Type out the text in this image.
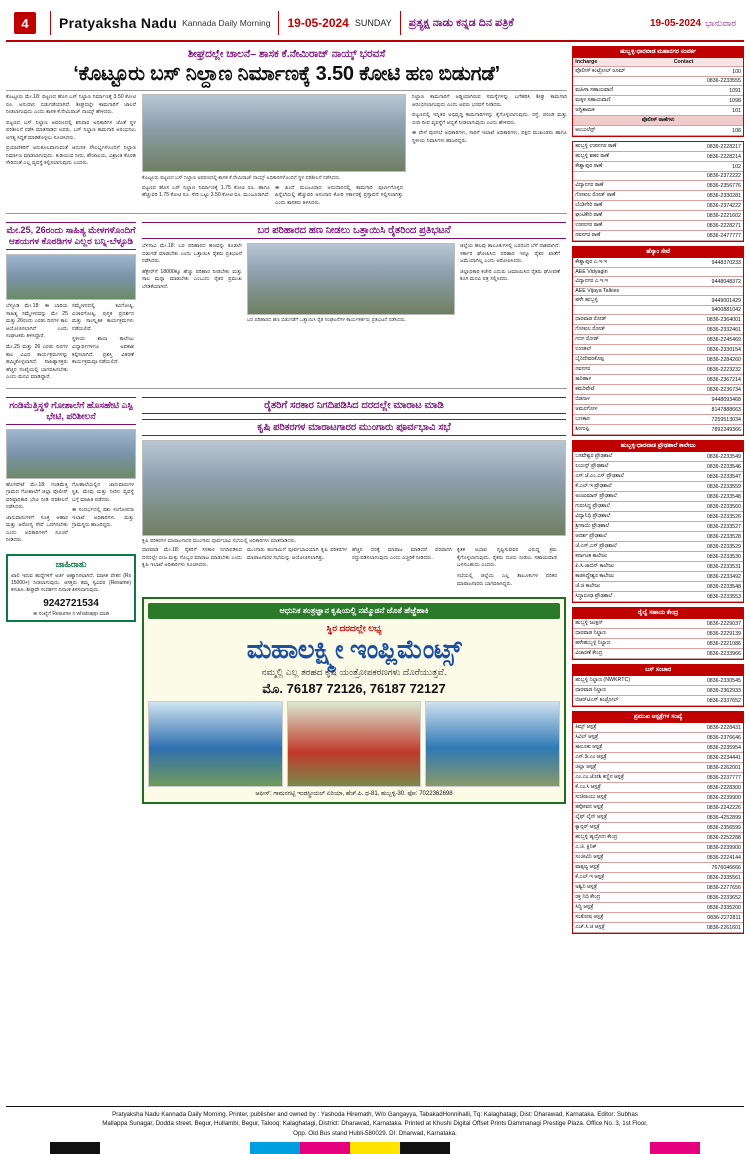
4	Pratyaksha Nadu Kannada Daily Morning 19-05-2024 SUNDAY ಪ್ರತ್ಯಕ್ಷ ನಾಡು ಕನ್ನಡ ದಿನ ಪತ್ರಿಕೆ	19-05-2024 ಭಾನುವಾರ
ಶೀಘ್ರದಲ್ಲೇ ಚಾಲನೆ– ಶಾಸಕ ಕೆ.ನೇಮಿರಾಜ್ ನಾಯ್ಕ್ ಭರವಸೆ
‘ಕೊಟ್ಟೂರು ಬಸ್ ನಿಲ್ದಾಣ ನಿರ್ಮಾಣಕ್ಕೆ 3.50 ಕೋಟಿ ಹಣ ಬಿಡುಗಡೆ’

ಕೊಟ್ಟೂರು ಮೇ.18: ಪಟ್ಟಣದ ಹೊಸ ಬಸ್ ನಿಲ್ದಾಣ ನಿರ್ಮಾಣಕ್ಕೆ 3.50 ಕೋಟಿ ರೂ. ಅನುದಾನ ಬಿಡುಗಡೆಯಾಗಿದೆ. ಶೀಘ್ರದಲ್ಲೇ ಕಾಮಗಾರಿಗೆ ಚಾಲನೆ ನೀಡಲಾಗುವುದು ಎಂದು ಶಾಸಕ ಕೆ.ನೇಮಿರಾಜ್ ನಾಯ್ಕ್ ಹೇಳಿದರು.

ಪಟ್ಟಣದ ಬಸ್ ನಿಲ್ದಾಣ ಆವರಣದಲ್ಲಿ ಶನಿವಾರ ಅಧಿಕಾರಿಗಳ ಜೊತೆ ಸ್ಥಳ ಪರಿಶೀಲನೆ ನಡೆಸಿ ಮಾತನಾಡಿದ ಅವರು, ಬಸ್ ನಿಲ್ದಾಣ ಕಾಮಗಾರಿ ಆರಂಭಿಸಲು ಅಗತ್ಯ ಸಿದ್ಧತೆ ಮಾಡಿಕೊಳ್ಳಲು ಸೂಚಿಸಿದರು.

ಪ್ರಯಾಣಿಕರಿಗೆ ಅನುಕೂಲವಾಗುವಂತೆ ಆಧುನಿಕ ಸೌಲಭ್ಯಗಳೊಂದಿಗೆ ನಿಲ್ದಾಣ ನಿರ್ಮಾಣ ಮಾಡಲಾಗುವುದು. ಕುಡಿಯುವ ನೀರು, ಶೌಚಾಲಯ, ವಿಶ್ರಾಂತಿ ಕೊಠಡಿ ಸೇರಿದಂತೆ ಎಲ್ಲ ವ್ಯವಸ್ಥೆ ಕಲ್ಪಿಸಲಾಗುವುದು ಎಂದರು.

ಕೊಟ್ಟೂರು ಪಟ್ಟಣದ ಬಸ್ ನಿಲ್ದಾಣ ಆವರಣದಲ್ಲಿ ಶಾಸಕ ಕೆ.ನೇಮಿರಾಜ್ ನಾಯ್ಕ್ ಅಧಿಕಾರಿಗಳೊಂದಿಗೆ ಸ್ಥಳ ಪರಿಶೀಲನೆ ನಡೆಸಿದರು.

ಪಟ್ಟಣದ ಹೊಸ ಬಸ್ ನಿಲ್ದಾಣ ನಿರ್ಮಾಣಕ್ಕೆ 1.75 ಕೋಟಿ ರೂ. ಹಾಗೂ ಹೆಚ್ಚುವರಿ 1.75 ಕೋಟಿ ರೂ. ಸೇರಿ ಒಟ್ಟು 3.50 ಕೋಟಿ ರೂ. ಮಂಜೂರಾಗಿದೆ.

ಈ ಹಿಂದೆ ಮಂಜೂರಾದ ಅನುದಾನದಲ್ಲಿ ಕಾಮಗಾರಿ ಪೂರ್ಣಗೊಳ್ಳದ ಹಿನ್ನೆಲೆಯಲ್ಲಿ ಹೆಚ್ಚುವರಿ ಅನುದಾನ ಕೋರಿ ಸರ್ಕಾರಕ್ಕೆ ಪ್ರಸ್ತಾವನೆ ಸಲ್ಲಿಸಲಾಗಿತ್ತು ಎಂದು ಶಾಸಕರು ತಿಳಿಸಿದರು.

ನಿಲ್ದಾಣ ಕಾಮಗಾರಿಗೆ ಅಡ್ಡಿಯಾಗಿರುವ ಸಮಸ್ಯೆಗಳನ್ನು ಬಗೆಹರಿಸಿ ಶೀಘ್ರ ಕಾಮಗಾರಿ ಆರಂಭಿಸಲಾಗುವುದು ಎಂದು ಅವರು ಭರವಸೆ ನೀಡಿದರು.

ಪಟ್ಟಣದಲ್ಲಿ ಇನ್ನಿತರ ಅಭಿವೃದ್ಧಿ ಕಾಮಗಾರಿಗಳನ್ನು ಕೈಗೊಳ್ಳಲಾಗುವುದು. ರಸ್ತೆ, ಚರಂಡಿ ಮತ್ತು ಬೀದಿ ದೀಪ ವ್ಯವಸ್ಥೆಗೆ ಆದ್ಯತೆ ನೀಡಲಾಗುವುದು ಎಂದು ಹೇಳಿದರು.

ಈ ವೇಳೆ ಪುರಸಭೆ ಅಧಿಕಾರಿಗಳು, ಸಾರಿಗೆ ಇಲಾಖೆ ಅಧಿಕಾರಿಗಳು, ಪಕ್ಷದ ಮುಖಂಡರು ಹಾಗೂ ಸ್ಥಳೀಯ ನಿವಾಸಿಗಳು ಹಾಜರಿದ್ದರು.

ಮೇ.25, 26ರಂದು ಸಾಹಿತ್ಯ ಮೇಳಗಳೊಂದಿಗೆ ಆಶಯಗಳ ಕೊಠಡಿಗಳ ಎಲ್ಲರ ಬನ್ನಿ-ಬೆಳ್ಳೂಡಿ

ಬೆಳ್ಳೂಡಿ ಮೇ.18: ಈ ಬಾರಿಯ ಸಾಹಿತ್ಯ ಸಮ್ಮೇಳನವನ್ನು ಮೇ 25 ಮತ್ತು 26ರಂದು ಎರಡು ದಿನಗಳ ಕಾಲ ಆಯೋಜಿಸಲಾಗಿದೆ ಎಂದು ಸಂಘಟಕರು ತಿಳಿಸಿದ್ದಾರೆ.

ಮೇ.25 ಮತ್ತು 26 ಎರಡು ದಿನಗಳ ಕಾಲ ವಿವಿಧ ಕಾರ್ಯಕ್ರಮಗಳನ್ನು ಹಮ್ಮಿಕೊಳ್ಳಲಾಗಿದೆ. ಸಾಹಿತ್ಯಾಸಕ್ತರು ಹೆಚ್ಚಿನ ಸಂಖ್ಯೆಯಲ್ಲಿ ಭಾಗವಹಿಸಬೇಕು ಎಂದು ಮನವಿ ಮಾಡಿದ್ದಾರೆ.

ಸಮ್ಮೇಳನದಲ್ಲಿ ಕವಿಗೋಷ್ಠಿ, ವಿಚಾರಗೋಷ್ಠಿ, ಪುಸ್ತಕ ಪ್ರದರ್ಶನ ಮತ್ತು ಸಾಂಸ್ಕೃತಿಕ ಕಾರ್ಯಕ್ರಮಗಳು ನಡೆಯಲಿವೆ.

ಸ್ಥಳೀಯ ಶಾಲಾ ಕಾಲೇಜು ವಿದ್ಯಾರ್ಥಿಗಳಿಗೂ ಅವಕಾಶ ಕಲ್ಪಿಸಲಾಗಿದೆ. ಪ್ರಶಸ್ತಿ ವಿತರಣೆ ಕಾರ್ಯಕ್ರಮವೂ ನಡೆಯಲಿದೆ.

ಬರ ಪರಿಹಾರದ ಹಣ ನೀಡಲು ಒತ್ತಾಯಿಸಿ ರೈತರಿಂದ ಪ್ರತಿಭಟನೆ

ಬೆಳಗಾವಿ ಮೇ.18: ಬರ ಪರಿಹಾರದ ಹಣವನ್ನು ಕೂಡಲೇ ಬಿಡುಗಡೆ ಮಾಡಬೇಕು ಎಂದು ಒತ್ತಾಯಿಸಿ ರೈತರು ಪ್ರತಿಭಟನೆ ನಡೆಸಿದರು.

ಹೆಕ್ಟೇರ್‌ಗೆ 18000ಕ್ಕೂ ಹೆಚ್ಚು ಪರಿಹಾರ ನೀಡಬೇಕು ಮತ್ತು ಸಾಲ ಮನ್ನಾ ಮಾಡಬೇಕು ಎಂಬುದು ರೈತರ ಪ್ರಮುಖ ಬೇಡಿಕೆಯಾಗಿದೆ.

ಬರ ಪರಿಹಾರದ ಹಣ ಬಿಡುಗಡೆಗೆ ಒತ್ತಾಯಿಸಿ ರೈತ ಸಂಘಟನೆಗಳ ಕಾರ್ಯಕರ್ತರು ಪ್ರತಿಭಟನೆ ನಡೆಸಿದರು.

ಜಿಲ್ಲೆಯ ಹಲವು ತಾಲೂಕುಗಳಲ್ಲಿ ಬರದಿಂದ ಬೆಳೆ ನಾಶವಾಗಿದೆ. ಸರ್ಕಾರ ಘೋಷಿಸಿದ ಪರಿಹಾರ ಇನ್ನೂ ರೈತರ ಖಾತೆಗೆ ಜಮೆಯಾಗಿಲ್ಲ ಎಂದು ಆರೋಪಿಸಿದರು.

ಜಿಲ್ಲಾಧಿಕಾರಿ ಕಚೇರಿ ಎದುರು ಜಮಾಯಿಸಿದ ರೈತರು ಘೋಷಣೆ ಕೂಗಿ ಮನವಿ ಪತ್ರ ಸಲ್ಲಿಸಿದರು.

ಗಂಡಿಮೆತ್ತಿಸ್ಥಳಿ ಗೋಶಾಲೆಗೆ ಹೊಸಹೇಟಿ ಎಸ್ಪಿ ಭೇಟಿ, ಪರಿಶೀಲನೆ

ಹೊಸಪೇಟೆ ಮೇ.18: ಗಂಡಿಮೆತ್ತಿ ಗ್ರಾಮದ ಗೋಶಾಲೆಗೆ ಜಿಲ್ಲಾ ಪೊಲೀಸ್ ವರಿಷ್ಠಾಧಿಕಾರಿ ಭೇಟಿ ನೀಡಿ ಪರಿಶೀಲನೆ ನಡೆಸಿದರು.

ಜಾನುವಾರುಗಳಿಗೆ ಸೂಕ್ತ ಆಹಾರ ಮತ್ತು ಆರೋಗ್ಯ ಸೇವೆ ಒದಗಿಸಬೇಕು ಎಂದು ಅಧಿಕಾರಿಗಳಿಗೆ ಸೂಚನೆ ನೀಡಿದರು.

ಗೋಶಾಲೆಯಲ್ಲಿನ ಜಾನುವಾರುಗಳ ಸ್ಥಿತಿ, ಮೇವು ಮತ್ತು ನೀರಿನ ವ್ಯವಸ್ಥೆ ಬಗ್ಗೆ ಮಾಹಿತಿ ಪಡೆದರು.

ಈ ಸಂದರ್ಭದಲ್ಲಿ ಪಶು ಸಂಗೋಪನಾ ಇಲಾಖೆ ಅಧಿಕಾರಿಗಳು ಮತ್ತು ಗ್ರಾಮಸ್ಥರು ಹಾಜರಿದ್ದರು.

ಜಾಹಿರಾತು
ಖಾಲಿ ಇರುವ ಹುದ್ದೆಗಳಿಗೆ ಅರ್ಜಿ ಆಹ್ವಾನಿಸಲಾಗಿದೆ. ಮಾಸಿಕ ವೇತನ (Rs 15000+) ನೀಡಲಾಗುವುದು. ಆಸಕ್ತರು ತಮ್ಮ ಸ್ವವಿವರ (Resume) ಕಳುಹಿಸಿ. ಶೀಘ್ರವೇ ಸಂದರ್ಶನ ದಿನಾಂಕ ತಿಳಿಸಲಾಗುವುದು.
9242721534
ಈ ಸಂಖ್ಯೆಗೆ Resume ನ whatsapp ಮಾಡಿ
ರೈತರಿಗೆ ಸರಕಾರ ನಿಗದಿಪಡಿಸಿದ ದರದಲ್ಲೇ ಮಾರಾಟ ಮಾಡಿ
ಕೃಷಿ ಪರಿಕರಗಳ ಮಾರಾಟಗಾರರ ಮುಂಗಾರು ಪೂರ್ವಭಾವಿ ಸಭೆ
ಕೃಷಿ ಪರಿಕರಗಳ ಮಾರಾಟಗಾರರ ಮುಂಗಾರು ಪೂರ್ವಭಾವಿ ಸಭೆಯಲ್ಲಿ ಅಧಿಕಾರಿಗಳು ಮಾತನಾಡಿದರು.

ಧಾರವಾಡ ಮೇ.18: ರೈತರಿಗೆ ಸರಕಾರ ನಿಗದಿಪಡಿಸಿದ ದರದಲ್ಲೇ ಬೀಜ ಮತ್ತು ಗೊಬ್ಬರ ಮಾರಾಟ ಮಾಡಬೇಕು ಎಂದು ಕೃಷಿ ಇಲಾಖೆ ಅಧಿಕಾರಿಗಳು ಸೂಚಿಸಿದರು.

ಮುಂಗಾರು ಹಂಗಾಮಿಗೆ ಪೂರ್ವಭಾವಿಯಾಗಿ ಕೃಷಿ ಪರಿಕರಗಳ ಮಾರಾಟಗಾರರ ಸಭೆಯನ್ನು ಆಯೋಜಿಸಲಾಗಿತ್ತು.

ಹೆಚ್ಚಿನ ದರಕ್ಕೆ ಮಾರಾಟ ಮಾಡಿದರೆ ಪರವಾನಗಿ ರದ್ದುಪಡಿಸಲಾಗುವುದು ಎಂದು ಎಚ್ಚರಿಕೆ ನೀಡಿದರು.

ಕೃತಕ ಅಭಾವ ಸೃಷ್ಟಿಸುವವರ ವಿರುದ್ಧ ಕ್ರಮ ಕೈಗೊಳ್ಳಲಾಗುವುದು. ರೈತರು ದೂರು ನೀಡಲು ಸಹಾಯವಾಣಿ ಬಳಸಬಹುದು ಎಂದರು.

ಸಭೆಯಲ್ಲಿ ಜಿಲ್ಲೆಯ ಎಲ್ಲ ತಾಲೂಕುಗಳ ಪರಿಕರ ಮಾರಾಟಗಾರರು ಭಾಗವಹಿಸಿದ್ದರು.

ಆಧುನಿಕ ತಂತ್ರಜ್ಞಾನ ಕೃಷಿಯಲ್ಲಿ ನಮ್ಮೊಡನೆ ಜೊತೆ ಹೆಜ್ಜೆಹಾಕಿ
ಸ್ಥಿರ ದರದಲ್ಲೇ ಲಭ್ಯ
ಮಹಾಲಕ್ಷ್ಮೀ ಇಂಪ್ಲಿಮೆಂಟ್ಸ್
ನಮ್ಮಲ್ಲಿ ಎಲ್ಲ ತರಹದ ಕೃಷಿ ಯಂತ್ರೋಪಕರಣಗಳು ದೊರೆಯುತ್ತವೆ.
ಮೊ. 76187 72126, 76187 72127
ಆಫೀಸ್: ಗಾಮನಗಟ್ಟಿ ಇಂಡಸ್ಟ್ರೀಯಲ್ ಏರಿಯಾ, ಹೆಚ್.ಪಿ. ಧ-81, ಹುಬ್ಬಳ್ಳಿ-30. ಫೋ: 7022362698
ಹುಬ್ಬಳ್ಳಿ-ಧಾರವಾಡ ಮಹಾನಗರ ಸಂಪರ್ಕ
Incharge	Contact
ಪೊಲೀಸ್ ಕಂಟ್ರೋಲ್ ರೂಮ್	100
	0836-2233555
ಮಹಿಳಾ ಸಹಾಯವಾಣಿ	1091
ಮಕ್ಕಳ ಸಹಾಯವಾಣಿ	1098
ಅಗ್ನಿಶಾಮಕ	101
ಪೊಲೀಸ್ ಠಾಣೆಗಳು	
ಆಂಬುಲೆನ್ಸ್	108
ಹುಬ್ಬಳ್ಳಿ ಉಪನಗರ ಠಾಣೆ	0836-2228217
ಹುಬ್ಬಳ್ಳಿ ಶಹರ ಠಾಣೆ	0836-2228214
ಕೇಶ್ವಾಪುರ ಠಾಣೆ	102
	0836-2372222
ವಿದ್ಯಾನಗರ ಠಾಣೆ	0836-2356776
ಗೋಕುಲ ರೋಡ್ ಠಾಣೆ	0836-2330281
ಬೆಂಡಿಗೇರಿ ಠಾಣೆ	0836-2374222
ಘಂಟಿಕೇರಿ ಠಾಣೆ	0836-2221602
ಉಪನಗರ ಠಾಣೆ	0836-2228271
ನವನಗರ ಠಾಣೆ	0836-2477777
ಹೆಸ್ಕಾಂ ಸೇವೆ
ಕೇಶ್ವಾಪುರ ಎ.ಇ.ಇ	9448370233
AEE Vidyagiri	
ವಿದ್ಯಾನಗರ ಎ.ಇ.ಇ	9448048372
AEE Vijaya Talkies	
ಹಳೇ ಹುಬ್ಬಳ್ಳಿ	9449001429
	9400881042
ಧಾರವಾಡ ರೋಡ್	0836-2364001
ಗೋಕುಲ ರೋಡ್	0836-2332461
ಗದಗ ರೋಡ್	0836-2245469
ಉಣಕಲ್	0836-2330154
ಬೈರಿದೇವರಕೊಪ್ಪ	0836-2284260
ನವನಗರ	0836-2223232
ತಾರಿಹಾಳ	0836-2367214
ಕಮರಿಪೇಟೆ	0836-2236734
ಬಿಡನಾಳ	9448093468
ಅಮರಗೋಳ	8147888663
ಬಣಕಾರ	7259513034
ಶಿರಗುಪ್ಪಿ	7892249366
ಹುಬ್ಬಳ್ಳಿ-ಧಾರವಾಡ ಪ್ರೌಢಶಾಲೆ ಕಾಲೇಜು
ಬಸವೇಶ್ವರ ಪ್ರೌಢಶಾಲೆ	0836-2233549
ಲಯನ್ಸ್ ಪ್ರೌಢಶಾಲೆ	0836-2233546
ಎಸ್.ಜೆ.ಎಂ.ಎಸ್ ಪ್ರೌಢಶಾಲೆ	0836-2233547
ಕೆ.ಎಲ್.ಇ ಪ್ರೌಢಶಾಲೆ	0836-2233559
ಅಂಜುಮಾನ್ ಪ್ರೌಢಶಾಲೆ	0836-2233548
ಗುರುಸಿದ್ಧ ಪ್ರೌಢಶಾಲೆ	0836-2233560
ವಿದ್ಯಾನಿಧಿ ಪ್ರೌಢಶಾಲೆ	0836-2233526
ಶ್ರೀಸಾಯಿ ಪ್ರೌಢಶಾಲೆ	0836-2233527
ಆದರ್ಶ ಪ್ರೌಢಶಾಲೆ	0836-2233528
ಜೆ.ಎಸ್.ಎಸ್ ಪ್ರೌಢಶಾಲೆ	0836-2233529
ಕರ್ನಾಟಕ ಕಾಲೇಜು	0836-2233530
ಪಿ.ಸಿ.ಜಾಬಿನ್ ಕಾಲೇಜು	0836-2233531
ಕಾಡಸಿದ್ಧೇಶ್ವರ ಕಾಲೇಜು	0836-2233492
ಜೆ.ಜಿ ಕಾಲೇಜು	0836-2233548
ಸಿದ್ಧಾರೂಢ ಪ್ರೌಢಶಾಲೆ	0836-2233553
ರೈಲ್ವೆ ಸಹಾಯ ಕೇಂದ್ರ
ಹುಬ್ಬಳ್ಳಿ ಜಂಕ್ಷನ್	0836-2229037
ಧಾರವಾಡ ನಿಲ್ದಾಣ	0836-2229139
ಹಳೇಹುಬ್ಬಳ್ಳಿ ನಿಲ್ದಾಣ	0836-2221086
ವಿಚಾರಣೆ ಕೇಂದ್ರ	0836-2233966
ಬಸ್ ಸಂಚಾರ
ಹುಬ್ಬಳ್ಳಿ ನಿಲ್ದಾಣ (NWKRTC)	0836-2330545
ಧಾರವಾಡ ನಿಲ್ದಾಣ	0836-2362933
ಬಿಆರ್‌ಟಿಎಸ್ ಕಂಟ್ರೋಲ್	0836-2337652
ಪ್ರಮುಖ ಆಸ್ಪತ್ರೆಗಳ ಸಂಖ್ಯೆ
ಕಿಮ್ಸ್ ಆಸ್ಪತ್ರೆ	0836-2228431
ಸಿವಿಲ್ ಆಸ್ಪತ್ರೆ	0836-2376646
ತಾಲೂಕು ಆಸ್ಪತ್ರೆ	0836-2235954
ಎಸ್.ಡಿ.ಎಂ ಆಸ್ಪತ್ರೆ	0836-2234441
ಜಿಲ್ಲಾ ಆಸ್ಪತ್ರೆ	0836-2262001
ಎಂ.ಎಂ.ಜೋಶಿ ಕಣ್ಣಿನ ಆಸ್ಪತ್ರೆ	0836-2237777
ಕೆ.ಎಂ.ಸಿ ಆಸ್ಪತ್ರೆ	0836-2228300
ಸುಚಿರಾಯು ಆಸ್ಪತ್ರೆ	0836-2239900
ತಪೋವನ ಆಸ್ಪತ್ರೆ	0836-2242226
ಲೈಫ್ ಲೈನ್ ಆಸ್ಪತ್ರೆ	0836-4252899
ಕ್ಯಾನ್ಸರ್ ಆಸ್ಪತ್ರೆ	0836-2356599
ಹುಬ್ಬಳ್ಳಿ ಹೃದ್ರೋಗ ಕೇಂದ್ರ	0836-2252288
ಎ.ಜಿ. ಕ್ಲಿನಿಕ್	0836-2239900
ಸಂಜೀವಿನಿ ಆಸ್ಪತ್ರೆ	0836-2224144
ವಾತ್ಸಲ್ಯ ಆಸ್ಪತ್ರೆ	7676046666
ಕೆ.ಎಲ್.ಇ ಆಸ್ಪತ್ರೆ	0836-2335561
ಅಶ್ವಿನಿ ಆಸ್ಪತ್ರೆ	0836-2277656
ರಕ್ತ ನಿಧಿ ಕೇಂದ್ರ	0836-2233652
ಸಿದ್ಧಿ ಆಸ್ಪತ್ರೆ	0836-2335200
ಸಂತೋಷ ಆಸ್ಪತ್ರೆ	0836-2272811
ಎಚ್.ಸಿ.ಜಿ ಆಸ್ಪತ್ರೆ	0836-2261601
Pratyaksha Nadu Kannada Daily Morning. Printer, publisher and owned by : Yashoda Hiremath, W/o Gangayya, TabakadHonnihalli, Tq: Kalaghatagi, Dist: Dharawad, Karnataka. Editor: Subhas
Mallappa Sunagar, Dodda street, Begur, Hullambi, Begur, Talooq: Kalaghatagi, District: Dharawad, Karnataka. Printed at Khushi Digital Offset Prints Dammanagi Prestige Plaza. Office No. 3, 1st Floor,
Opp. Old Bus stand Hubli-580029. DI: Dharwad, Karnataka.
